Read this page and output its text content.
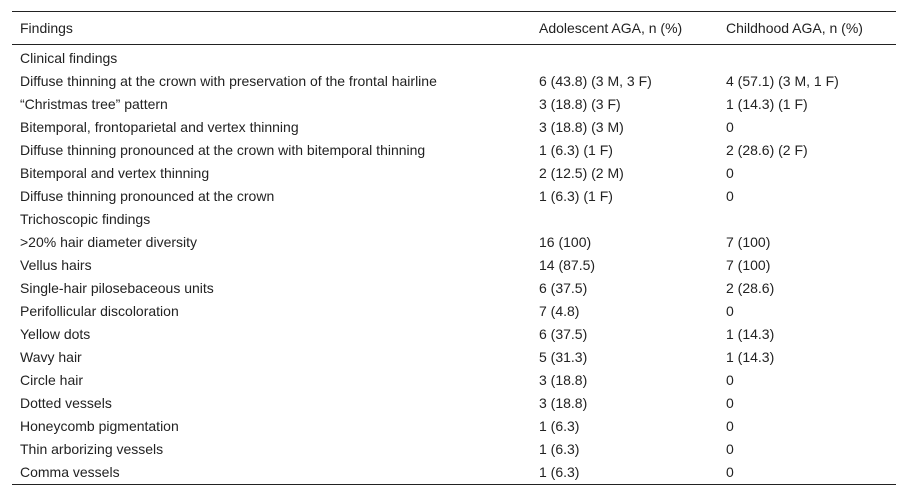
Findings	Adolescent AGA, n (%)	Childhood AGA, n (%)
Clinical findings		
Diffuse thinning at the crown with preservation of the frontal hairline	6 (43.8) (3 M, 3 F)	4 (57.1) (3 M, 1 F)
“Christmas tree” pattern	3 (18.8) (3 F)	1 (14.3) (1 F)
Bitemporal, frontoparietal and vertex thinning	3 (18.8) (3 M)	0
Diffuse thinning pronounced at the crown with bitemporal thinning	1 (6.3) (1 F)	2 (28.6) (2 F)
Bitemporal and vertex thinning	2 (12.5) (2 M)	0
Diffuse thinning pronounced at the crown	1 (6.3) (1 F)	0
Trichoscopic findings		
>20% hair diameter diversity	16 (100)	7 (100)
Vellus hairs	14 (87.5)	7 (100)
Single-hair pilosebaceous units	6 (37.5)	2 (28.6)
Perifollicular discoloration	7 (4.8)	0
Yellow dots	6 (37.5)	1 (14.3)
Wavy hair	5 (31.3)	1 (14.3)
Circle hair	3 (18.8)	0
Dotted vessels	3 (18.8)	0
Honeycomb pigmentation	1 (6.3)	0
Thin arborizing vessels	1 (6.3)	0
Comma vessels	1 (6.3)	0
